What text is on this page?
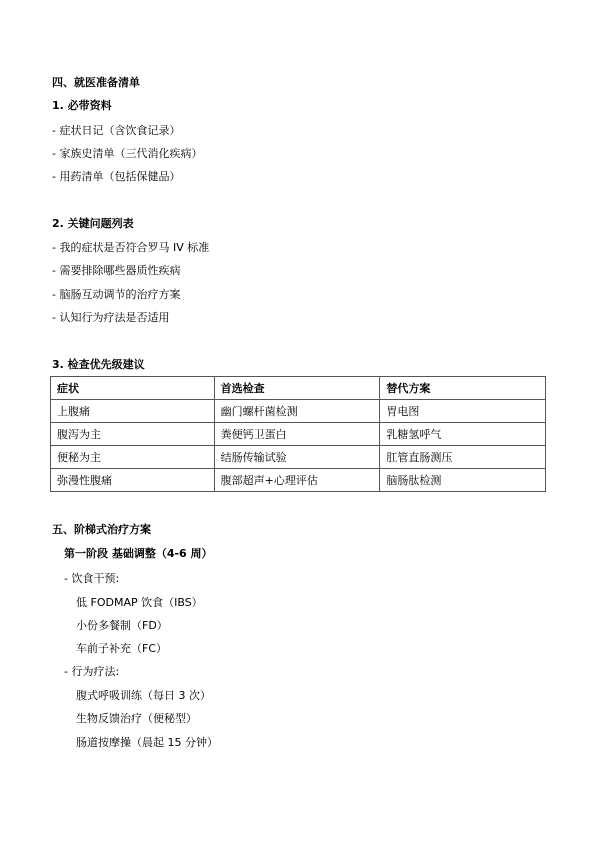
四、就医准备清单
1. 必带资料
- 症状日记（含饮食记录）
- 家族史清单（三代消化疾病）
- 用药清单（包括保健品）
2. 关键问题列表
- 我的症状是否符合罗马 IV 标准
- 需要排除哪些器质性疾病
- 脑肠互动调节的治疗方案
- 认知行为疗法是否适用
3. 检查优先级建议
症状	首选检查	替代方案
上腹痛	幽门螺杆菌检测	胃电图
腹泻为主	粪便钙卫蛋白	乳糖氢呼气
便秘为主	结肠传输试验	肛管直肠测压
弥漫性腹痛	腹部超声+心理评估	脑肠肽检测
五、阶梯式治疗方案
第一阶段 基础调整（4-6 周）
- 饮食干预:
低 FODMAP 饮食（IBS）
小份多餐制（FD）
车前子补充（FC）
- 行为疗法:
腹式呼吸训练（每日 3 次）
生物反馈治疗（便秘型）
肠道按摩操（晨起 15 分钟）
